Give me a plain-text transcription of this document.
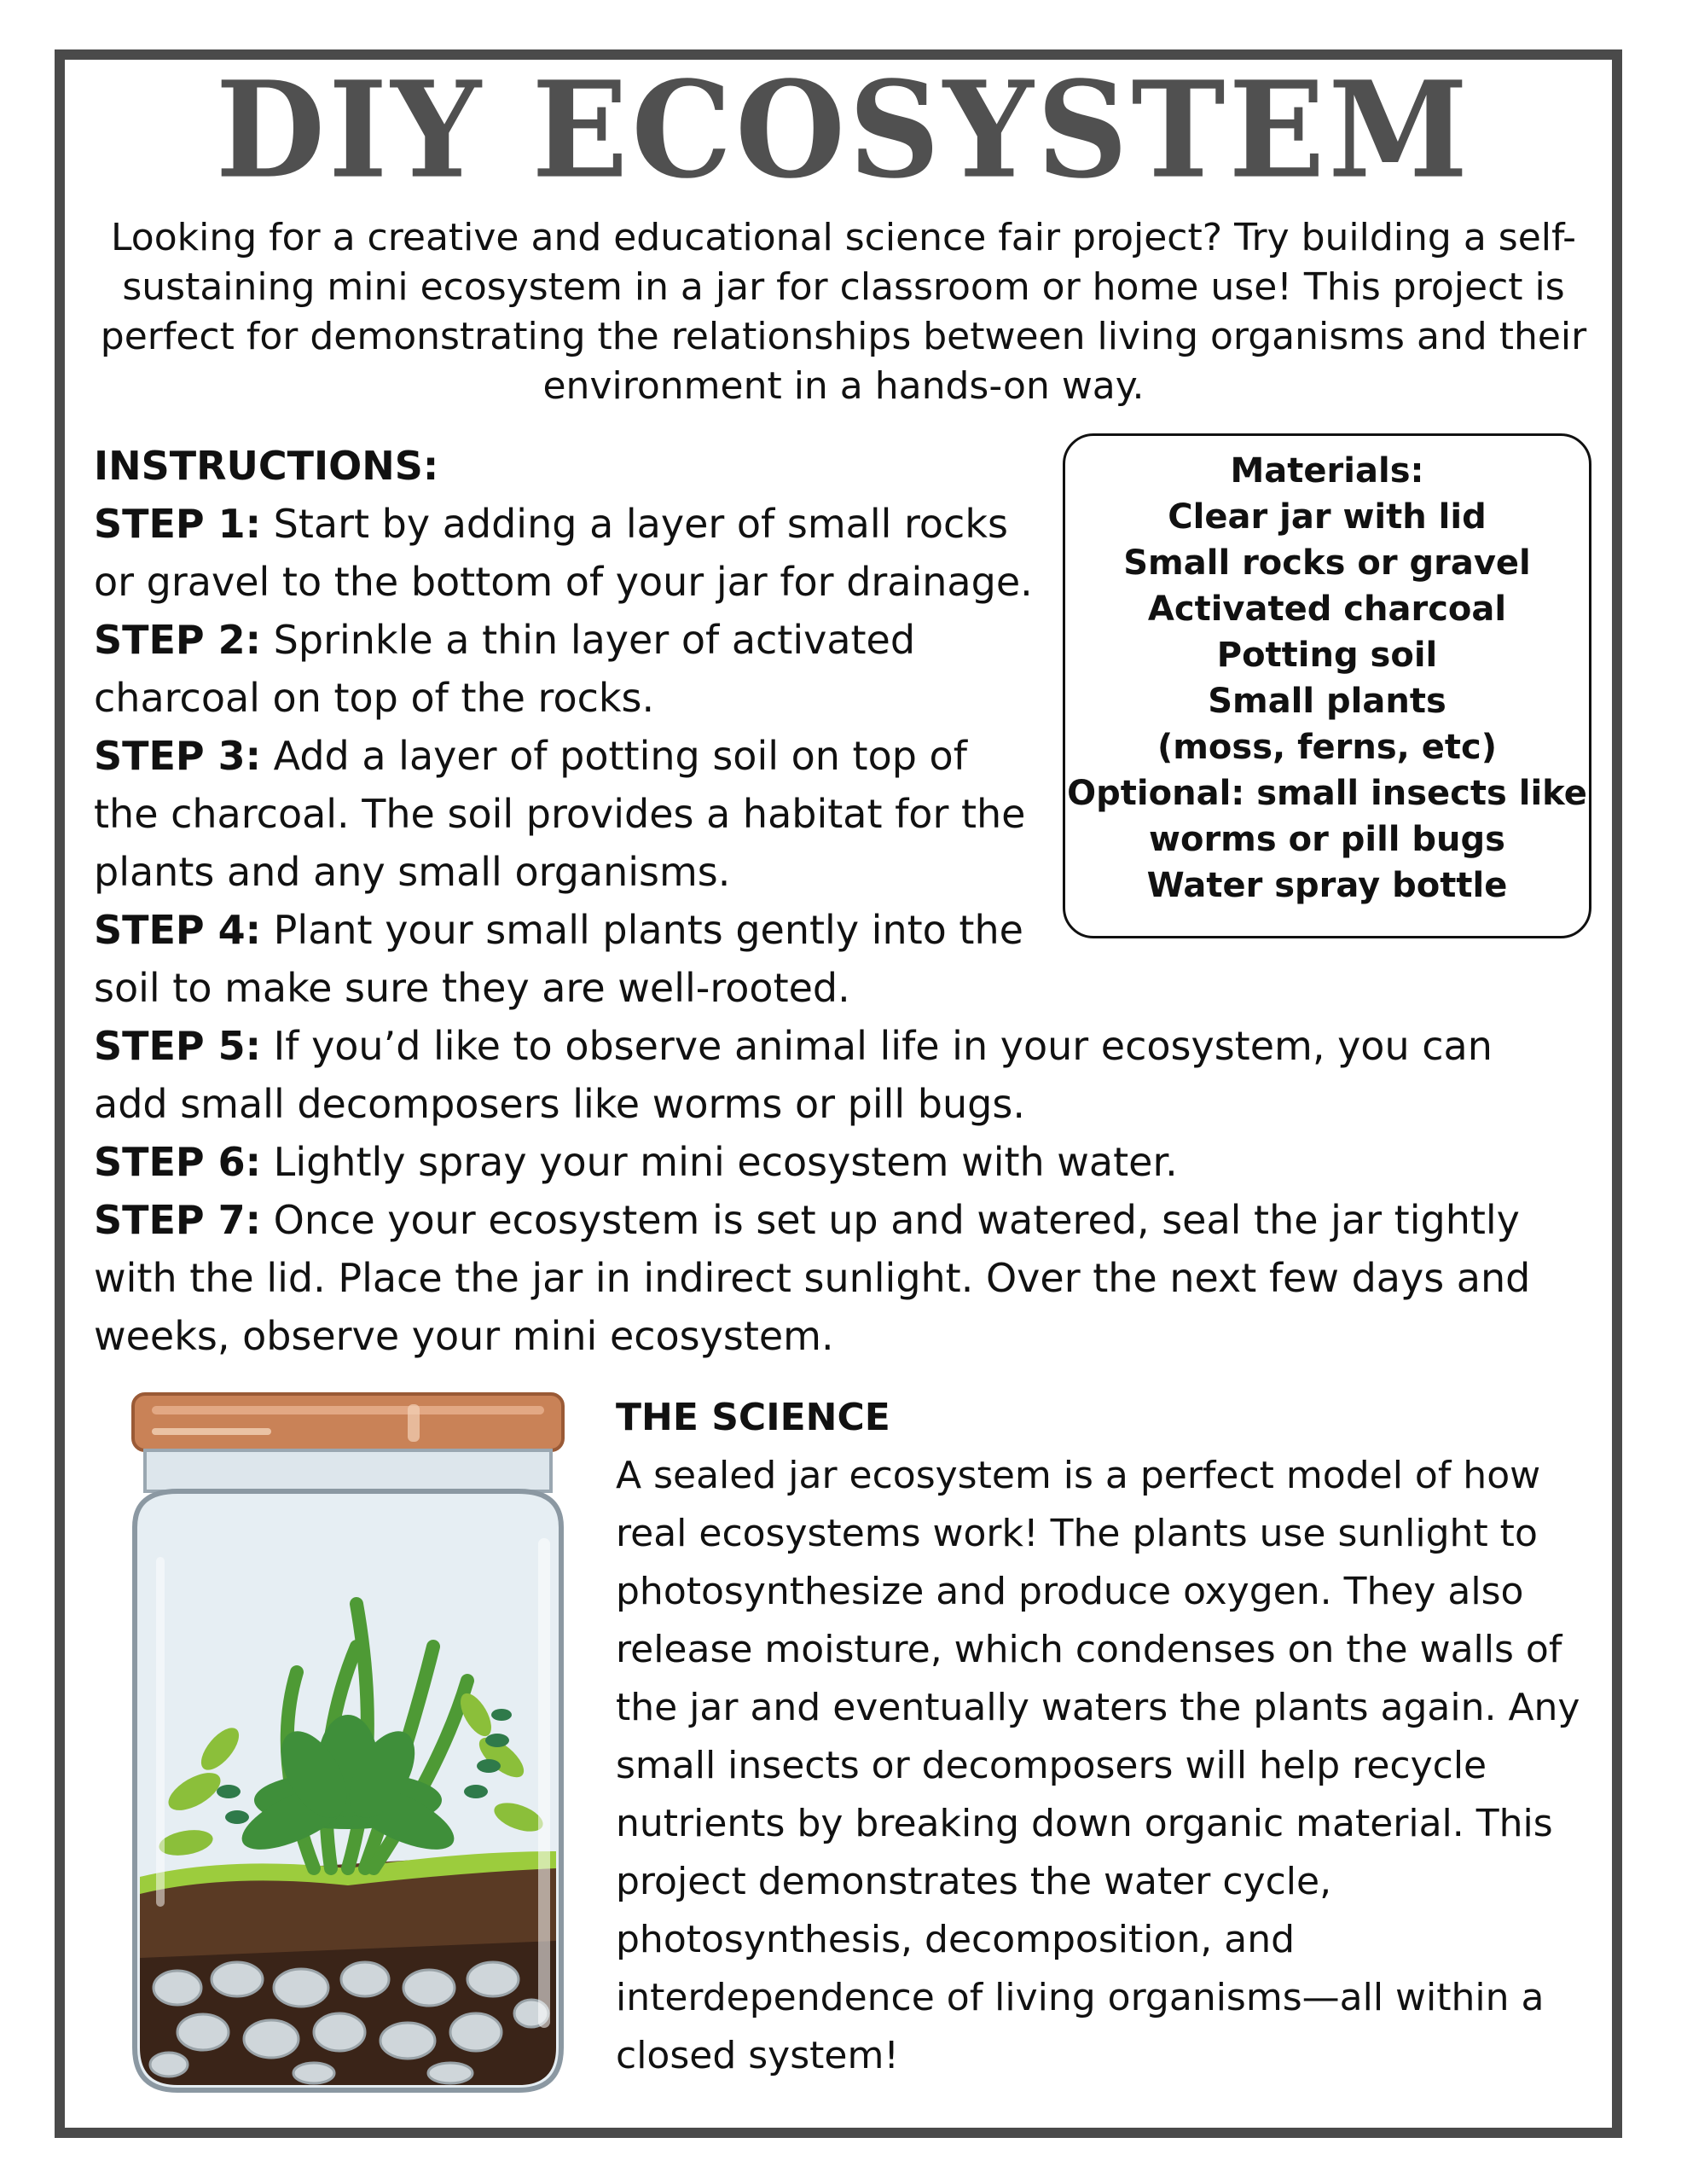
DIY ECOSYSTEM

Looking for a creative and educational science fair project? Try building a self-sustaining mini ecosystem in a jar for classroom or home use! This project is perfect for demonstrating the relationships between living organisms and their environment in a hands-on way.

INSTRUCTIONS:

STEP 1: Start by adding a layer of small rocks or gravel to the bottom of your jar for drainage.

STEP 2: Sprinkle a thin layer of activated charcoal on top of the rocks.

STEP 3: Add a layer of potting soil on top of the charcoal. The soil provides a habitat for the plants and any small organisms.

STEP 4: Plant your small plants gently into the soil to make sure they are well-rooted.

STEP 5: If you’d like to observe animal life in your ecosystem, you can add small decomposers like worms or pill bugs.

STEP 6: Lightly spray your mini ecosystem with water.

STEP 7: Once your ecosystem is set up and watered, seal the jar tightly with the lid. Place the jar in indirect sunlight. Over the next few days and weeks, observe your mini ecosystem.

Materials:
Clear jar with lid
Small rocks or gravel
Activated charcoal
Potting soil
Small plants
(moss, ferns, etc)
Optional: small insects like
worms or pill bugs
Water spray bottle
THE SCIENCE
A sealed jar ecosystem is a perfect model of how real ecosystems work! The plants use sunlight to photosynthesize and produce oxygen. They also release moisture, which condenses on the walls of the jar and eventually waters the plants again. Any small insects or decomposers will help recycle nutrients by breaking down organic material. This project demonstrates the water cycle, photosynthesis, decomposition, and interdependence of living organisms—all within a closed system!
